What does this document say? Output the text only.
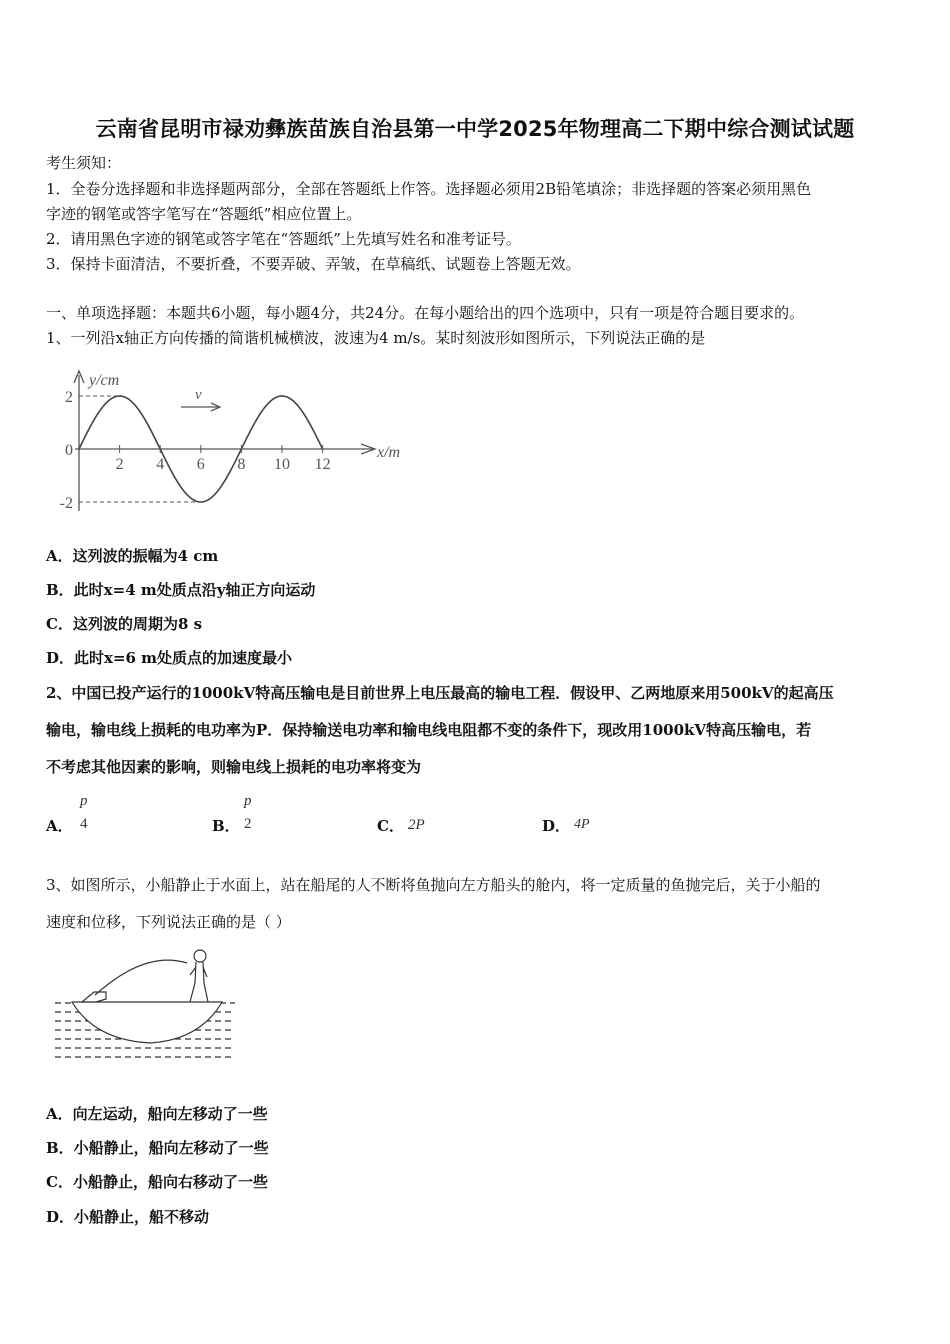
云南省昆明市禄劝彝族苗族自治县第一中学2025年物理高二下期中综合测试试题
考生须知：
1．全卷分选择题和非选择题两部分，全部在答题纸上作答。选择题必须用2B铅笔填涂；非选择题的答案必须用黑色
字迹的钢笔或答字笔写在“答题纸”相应位置上。
2．请用黑色字迹的钢笔或答字笔在“答题纸”上先填写姓名和准考证号。
3．保持卡面清洁，不要折叠，不要弄破、弄皱，在草稿纸、试题卷上答题无效。
一、单项选择题：本题共6小题，每小题4分，共24分。在每小题给出的四个选项中，只有一项是符合题目要求的。
1、一列沿x轴正方向传播的简谐机械横波，波速为4 m/s。某时刻波形如图所示，下列说法正确的是
y/cm
x/m
v
2 4 6 8 10 12
2
0
-2
A．这列波的振幅为4 cm
B．此时x=4 m处质点沿y轴正方向运动
C．这列波的周期为8 s
D．此时x=6 m处质点的加速度最小
2、中国已投产运行的1000kV特高压输电是目前世界上电压最高的输电工程．假设甲、乙两地原来用500kV的起高压
输电，输电线上损耗的电功率为P．保持输送电功率和输电线电阻都不变的条件下，现改用1000kV特高压输电，若
不考虑其他因素的影响，则输电线上损耗的电功率将变为
A．
p
4	B．
p
2	C． 2P	D． 4P
3、如图所示，小船静止于水面上，站在船尾的人不断将鱼抛向左方船头的舱内，将一定质量的鱼抛完后，关于小船的
速度和位移，下列说法正确的是（ ）
A．向左运动，船向左移动了一些
B．小船静止，船向左移动了一些
C．小船静止，船向右移动了一些
D．小船静止，船不移动
